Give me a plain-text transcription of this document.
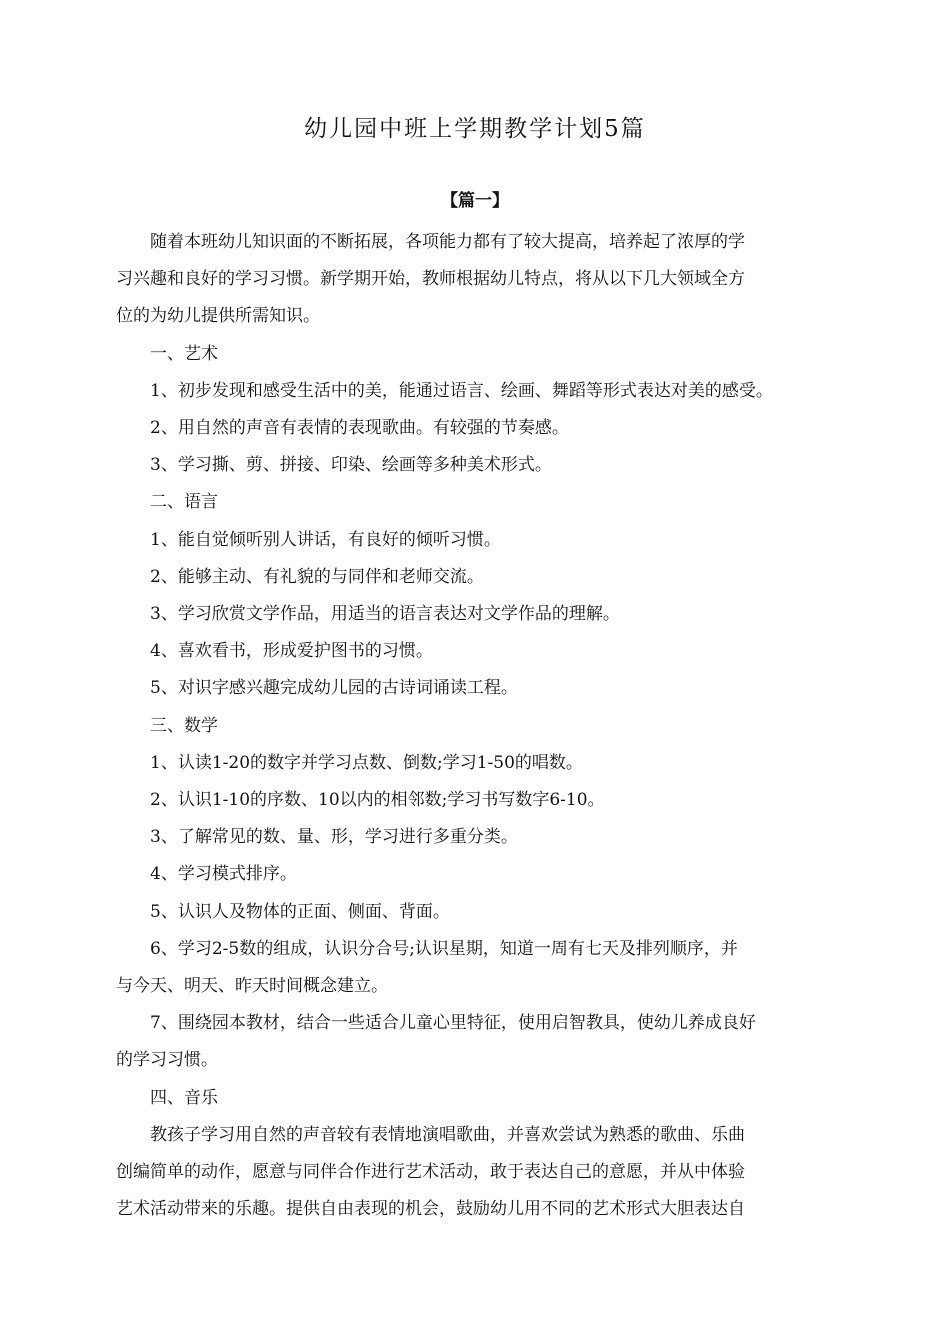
幼儿园中班上学期教学计划5篇
【篇一】

随着本班幼儿知识面的不断拓展，各项能力都有了较大提高，培养起了浓厚的学

习兴趣和良好的学习习惯。新学期开始，教师根据幼儿特点，将从以下几大领域全方

位的为幼儿提供所需知识。

一、艺术

1、初步发现和感受生活中的美，能通过语言、绘画、舞蹈等形式表达对美的感受。

2、用自然的声音有表情的表现歌曲。有较强的节奏感。

3、学习撕、剪、拼接、印染、绘画等多种美术形式。

二、语言

1、能自觉倾听别人讲话，有良好的倾听习惯。

2、能够主动、有礼貌的与同伴和老师交流。

3、学习欣赏文学作品，用适当的语言表达对文学作品的理解。

4、喜欢看书，形成爱护图书的习惯。

5、对识字感兴趣完成幼儿园的古诗词诵读工程。

三、数学

1、认读1-20的数字并学习点数、倒数;学习1-50的唱数。

2、认识1-10的序数、10以内的相邻数;学习书写数字6-10。

3、了解常见的数、量、形，学习进行多重分类。

4、学习模式排序。

5、认识人及物体的正面、侧面、背面。

6、学习2-5数的组成，认识分合号;认识星期，知道一周有七天及排列顺序，并

与今天、明天、昨天时间概念建立。

7、围绕园本教材，结合一些适合儿童心里特征，使用启智教具，使幼儿养成良好

的学习习惯。

四、音乐

教孩子学习用自然的声音较有表情地演唱歌曲，并喜欢尝试为熟悉的歌曲、乐曲

创编简单的动作，愿意与同伴合作进行艺术活动，敢于表达自己的意愿，并从中体验

艺术活动带来的乐趣。提供自由表现的机会，鼓励幼儿用不同的艺术形式大胆表达自
